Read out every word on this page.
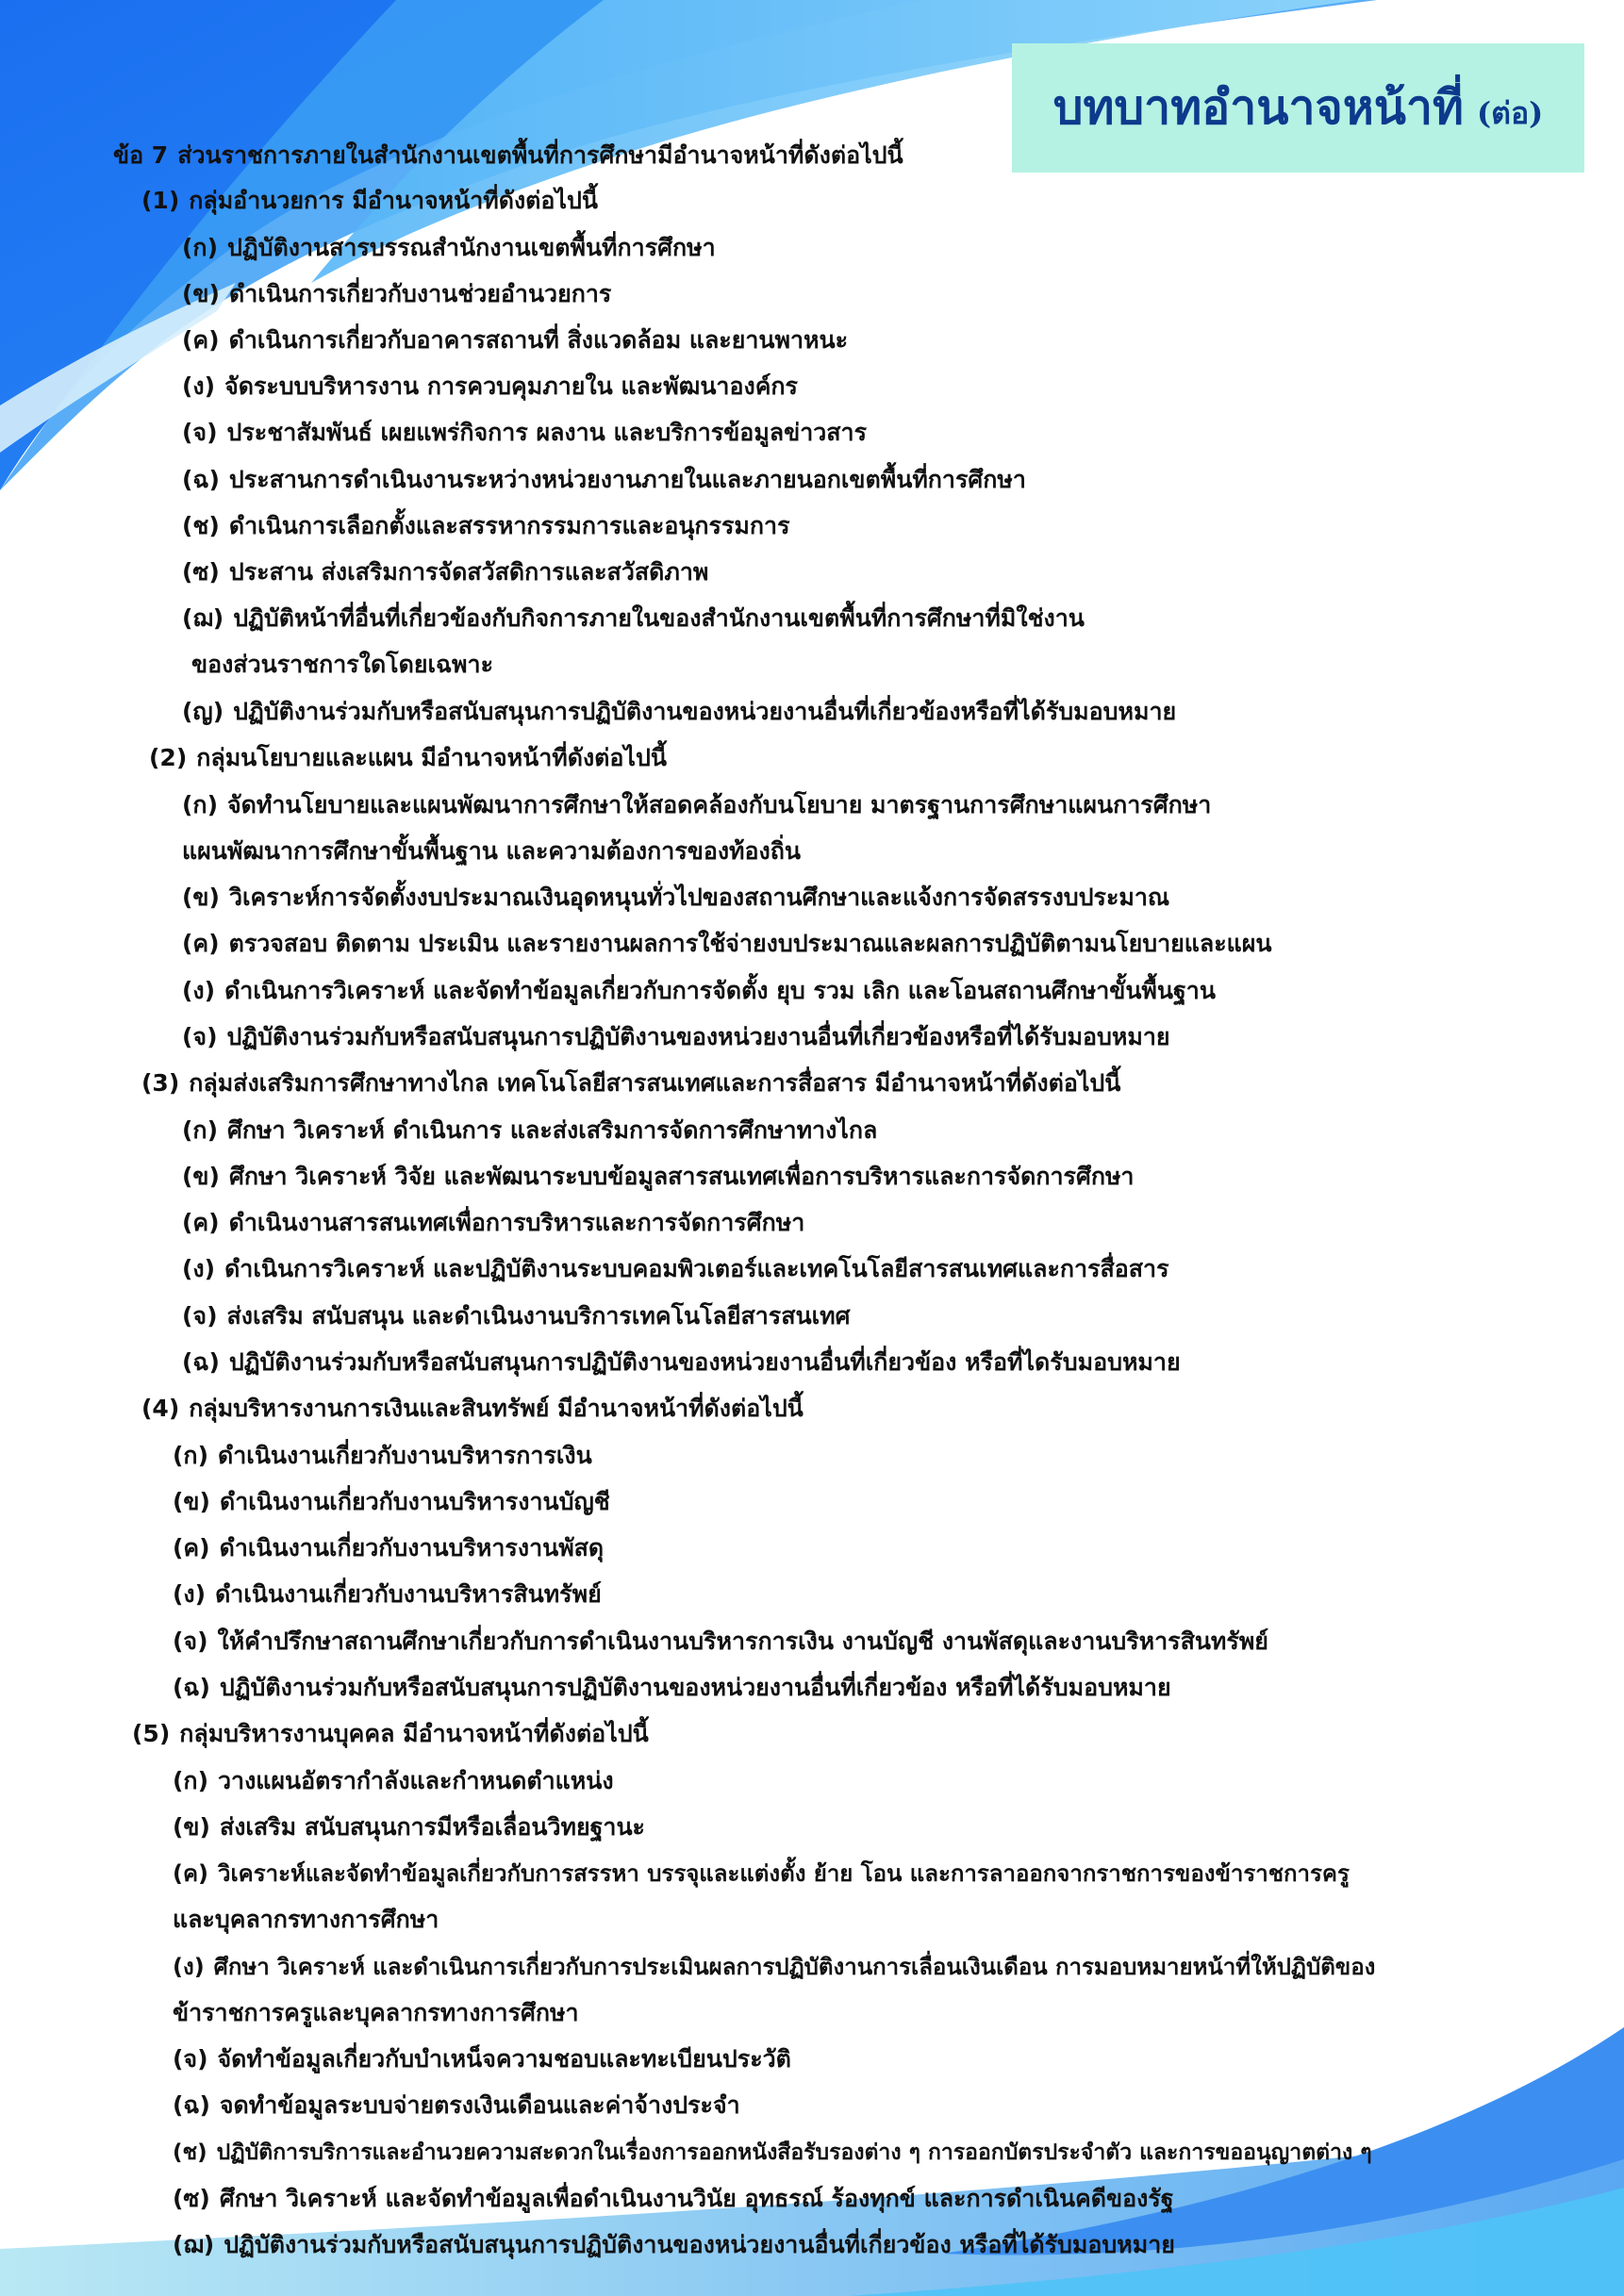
บทบาทอำนาจหน้าที่ (ต่อ)
ข้อ 7 ส่วนราชการภายในสำนักงานเขตพื้นที่การศึกษามีอำนาจหน้าที่ดังต่อไปนี้
(1) กลุ่มอำนวยการ มีอำนาจหน้าที่ดังต่อไปนี้
(ก) ปฏิบัติงานสารบรรณสำนักงานเขตพื้นที่การศึกษา
(ข) ดำเนินการเกี่ยวกับงานช่วยอำนวยการ
(ค) ดำเนินการเกี่ยวกับอาคารสถานที่ สิ่งแวดล้อม และยานพาหนะ
(ง) จัดระบบบริหารงาน การควบคุมภายใน และพัฒนาองค์กร
(จ) ประชาสัมพันธ์ เผยแพร่กิจการ ผลงาน และบริการข้อมูลข่าวสาร
(ฉ) ประสานการดำเนินงานระหว่างหน่วยงานภายในและภายนอกเขตพื้นที่การศึกษา
(ช) ดำเนินการเลือกตั้งและสรรหากรรมการและอนุกรรมการ
(ซ) ประสาน ส่งเสริมการจัดสวัสดิการและสวัสดิภาพ
(ฌ) ปฏิบัติหน้าที่อื่นที่เกี่ยวข้องกับกิจการภายในของสำนักงานเขตพื้นที่การศึกษาที่มิใช่งาน
ของส่วนราชการใดโดยเฉพาะ
(ญ) ปฏิบัติงานร่วมกับหรือสนับสนุนการปฏิบัติงานของหน่วยงานอื่นที่เกี่ยวข้องหรือที่ได้รับมอบหมาย
(2) กลุ่มนโยบายและแผน มีอำนาจหน้าที่ดังต่อไปนี้
(ก) จัดทำนโยบายและแผนพัฒนาการศึกษาให้สอดคล้องกับนโยบาย มาตรฐานการศึกษาแผนการศึกษา
แผนพัฒนาการศึกษาขั้นพื้นฐาน และความต้องการของท้องถิ่น
(ข) วิเคราะห์การจัดตั้งงบประมาณเงินอุดหนุนทั่วไปของสถานศึกษาและแจ้งการจัดสรรงบประมาณ
(ค) ตรวจสอบ ติดตาม ประเมิน และรายงานผลการใช้จ่ายงบประมาณและผลการปฏิบัติตามนโยบายและแผน
(ง) ดำเนินการวิเคราะห์ และจัดทำข้อมูลเกี่ยวกับการจัดตั้ง ยุบ รวม เลิก และโอนสถานศึกษาขั้นพื้นฐาน
(จ) ปฏิบัติงานร่วมกับหรือสนับสนุนการปฏิบัติงานของหน่วยงานอื่นที่เกี่ยวข้องหรือที่ได้รับมอบหมาย
(3) กลุ่มส่งเสริมการศึกษาทางไกล เทคโนโลยีสารสนเทศและการสื่อสาร มีอำนาจหน้าที่ดังต่อไปนี้
(ก) ศึกษา วิเคราะห์ ดำเนินการ และส่งเสริมการจัดการศึกษาทางไกล
(ข) ศึกษา วิเคราะห์ วิจัย และพัฒนาระบบข้อมูลสารสนเทศเพื่อการบริหารและการจัดการศึกษา
(ค) ดำเนินงานสารสนเทศเพื่อการบริหารและการจัดการศึกษา
(ง) ดำเนินการวิเคราะห์ และปฏิบัติงานระบบคอมพิวเตอร์และเทคโนโลยีสารสนเทศและการสื่อสาร
(จ) ส่งเสริม สนับสนุน และดำเนินงานบริการเทคโนโลยีสารสนเทศ
(ฉ) ปฏิบัติงานร่วมกับหรือสนับสนุนการปฏิบัติงานของหน่วยงานอื่นที่เกี่ยวข้อง หรือที่ไดรับมอบหมาย
(4) กลุ่มบริหารงานการเงินและสินทรัพย์ มีอำนาจหน้าที่ดังต่อไปนี้
(ก) ดำเนินงานเกี่ยวกับงานบริหารการเงิน
(ข) ดำเนินงานเกี่ยวกับงานบริหารงานบัญชี
(ค) ดำเนินงานเกี่ยวกับงานบริหารงานพัสดุ
(ง) ดำเนินงานเกี่ยวกับงานบริหารสินทรัพย์
(จ) ให้คำปรึกษาสถานศึกษาเกี่ยวกับการดำเนินงานบริหารการเงิน งานบัญชี งานพัสดุและงานบริหารสินทรัพย์
(ฉ) ปฏิบัติงานร่วมกับหรือสนับสนุนการปฏิบัติงานของหน่วยงานอื่นที่เกี่ยวข้อง หรือที่ได้รับมอบหมาย
(5) กลุ่มบริหารงานบุคคล มีอำนาจหน้าที่ดังต่อไปนี้
(ก) วางแผนอัตรากำลังและกำหนดตำแหน่ง
(ข) ส่งเสริม สนับสนุนการมีหรือเลื่อนวิทยฐานะ
(ค) วิเคราะห์และจัดทำข้อมูลเกี่ยวกับการสรรหา บรรจุและแต่งตั้ง ย้าย โอน และการลาออกจากราชการของข้าราชการครู
และบุคลากรทางการศึกษา
(ง) ศึกษา วิเคราะห์ และดำเนินการเกี่ยวกับการประเมินผลการปฏิบัติงานการเลื่อนเงินเดือน การมอบหมายหน้าที่ให้ปฏิบัติของ
ข้าราชการครูและบุคลากรทางการศึกษา
(จ) จัดทำข้อมูลเกี่ยวกับบำเหน็จความชอบและทะเบียนประวัติ
(ฉ) จดทำข้อมูลระบบจ่ายตรงเงินเดือนและค่าจ้างประจำ
(ช) ปฏิบัติการบริการและอำนวยความสะดวกในเรื่องการออกหนังสือรับรองต่าง ๆ การออกบัตรประจำตัว และการขออนุญาตต่าง ๆ
(ซ) ศึกษา วิเคราะห์ และจัดทำข้อมูลเพื่อดำเนินงานวินัย อุทธรณ์ ร้องทุกข์ และการดำเนินคดีของรัฐ
(ฌ) ปฏิบัติงานร่วมกับหรือสนับสนุนการปฏิบัติงานของหน่วยงานอื่นที่เกี่ยวข้อง หรือที่ได้รับมอบหมาย
